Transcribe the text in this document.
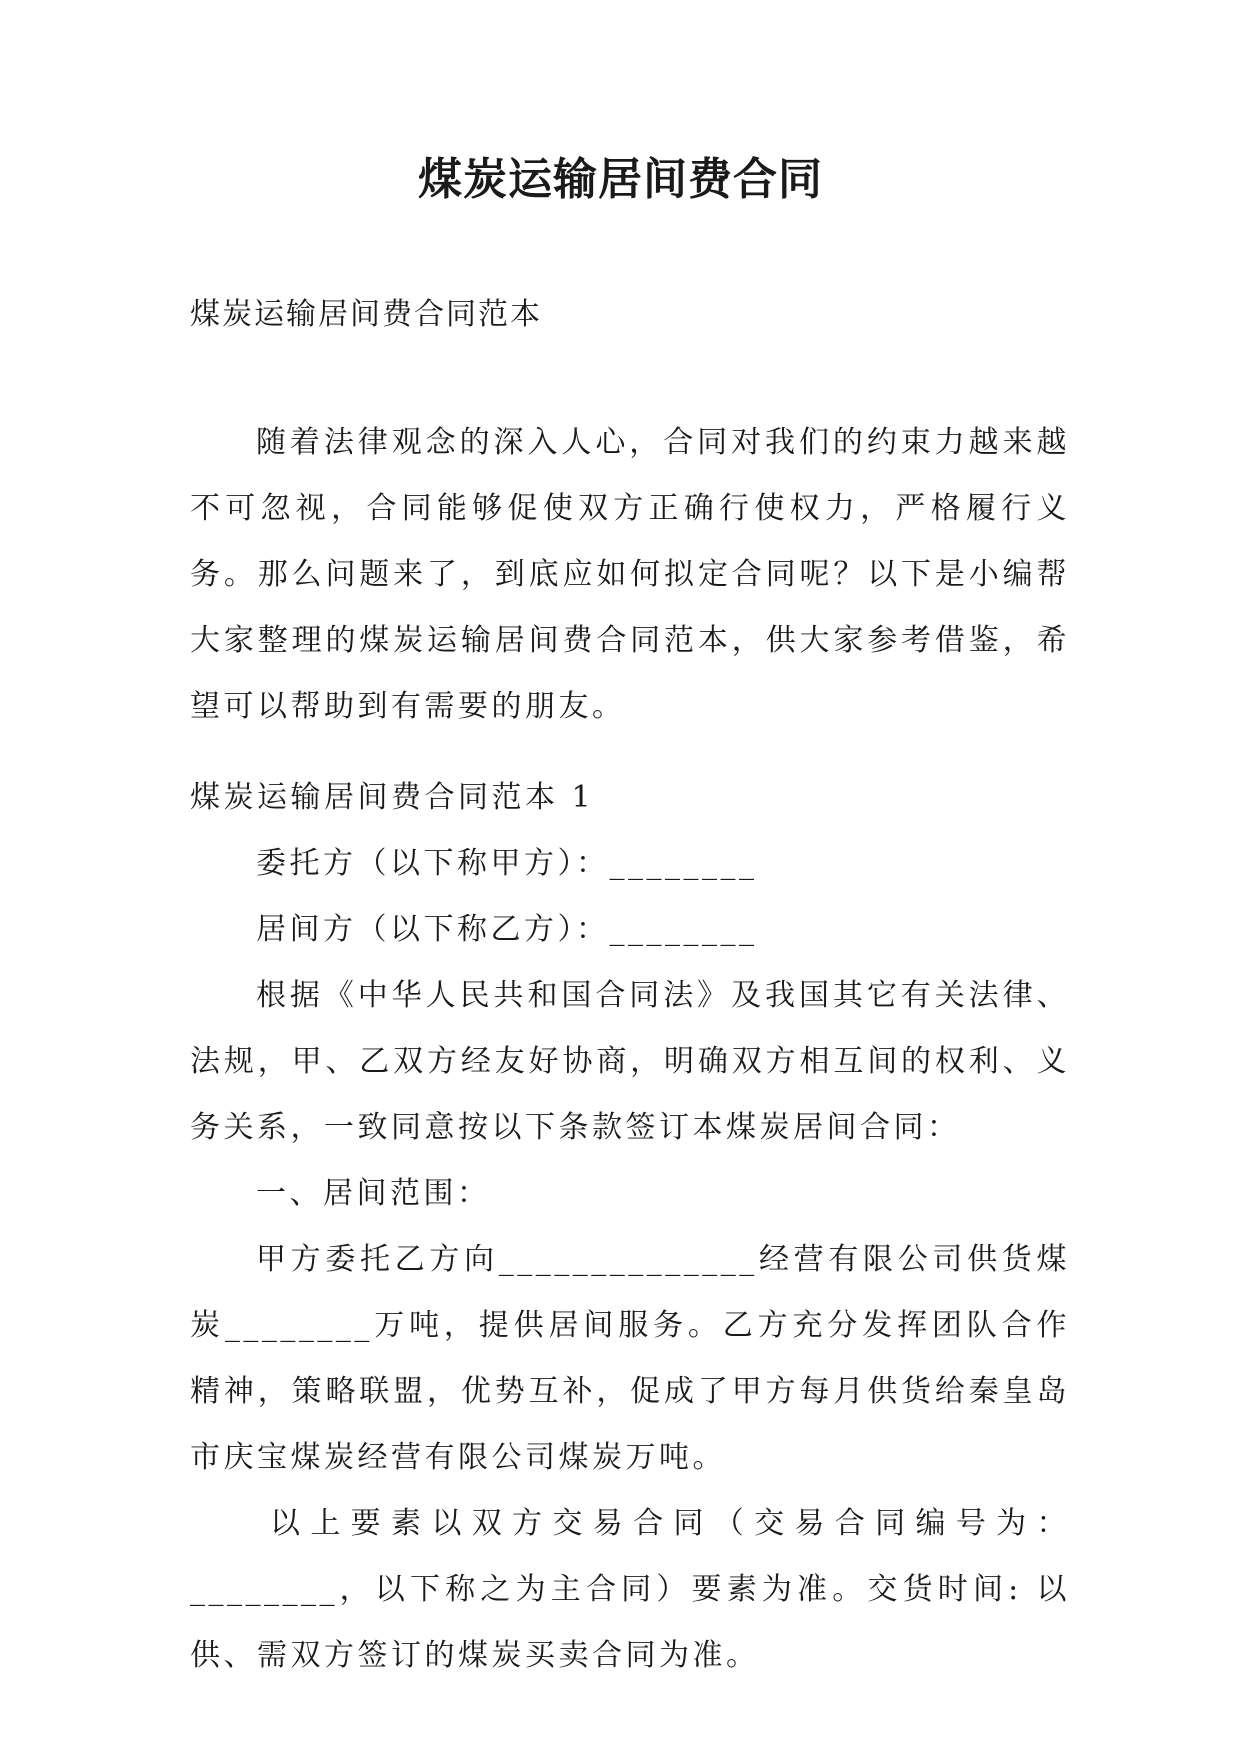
煤炭运输居间费合同
煤炭运输居间费合同范本
随着法律观念的深入人心，合同对我们的约束力越来越不可忽视，合同能够促使双方正确行使权力，严格履行义务。那么问题来了，到底应如何拟定合同呢？以下是小编帮大家整理的煤炭运输居间费合同范本，供大家参考借鉴，希望可以帮助到有需要的朋友。
煤炭运输居间费合同范本 1
委托方（以下称甲方）：________
居间方（以下称乙方）：________
根据《中华人民共和国合同法》及我国其它有关法律、法规，甲、乙双方经友好协商，明确双方相互间的权利、义务关系，一致同意按以下条款签订本煤炭居间合同：
一、居间范围：
甲方委托乙方向______________经营有限公司供货煤炭________万吨，提供居间服务。乙方充分发挥团队合作精神，策略联盟，优势互补，促成了甲方每月供货给秦皇岛市庆宝煤炭经营有限公司煤炭万吨。
以上要素以双方交易合同（交易合同编号为：________，以下称之为主合同）要素为准。交货时间: 以供、需双方签订的煤炭买卖合同为准。
